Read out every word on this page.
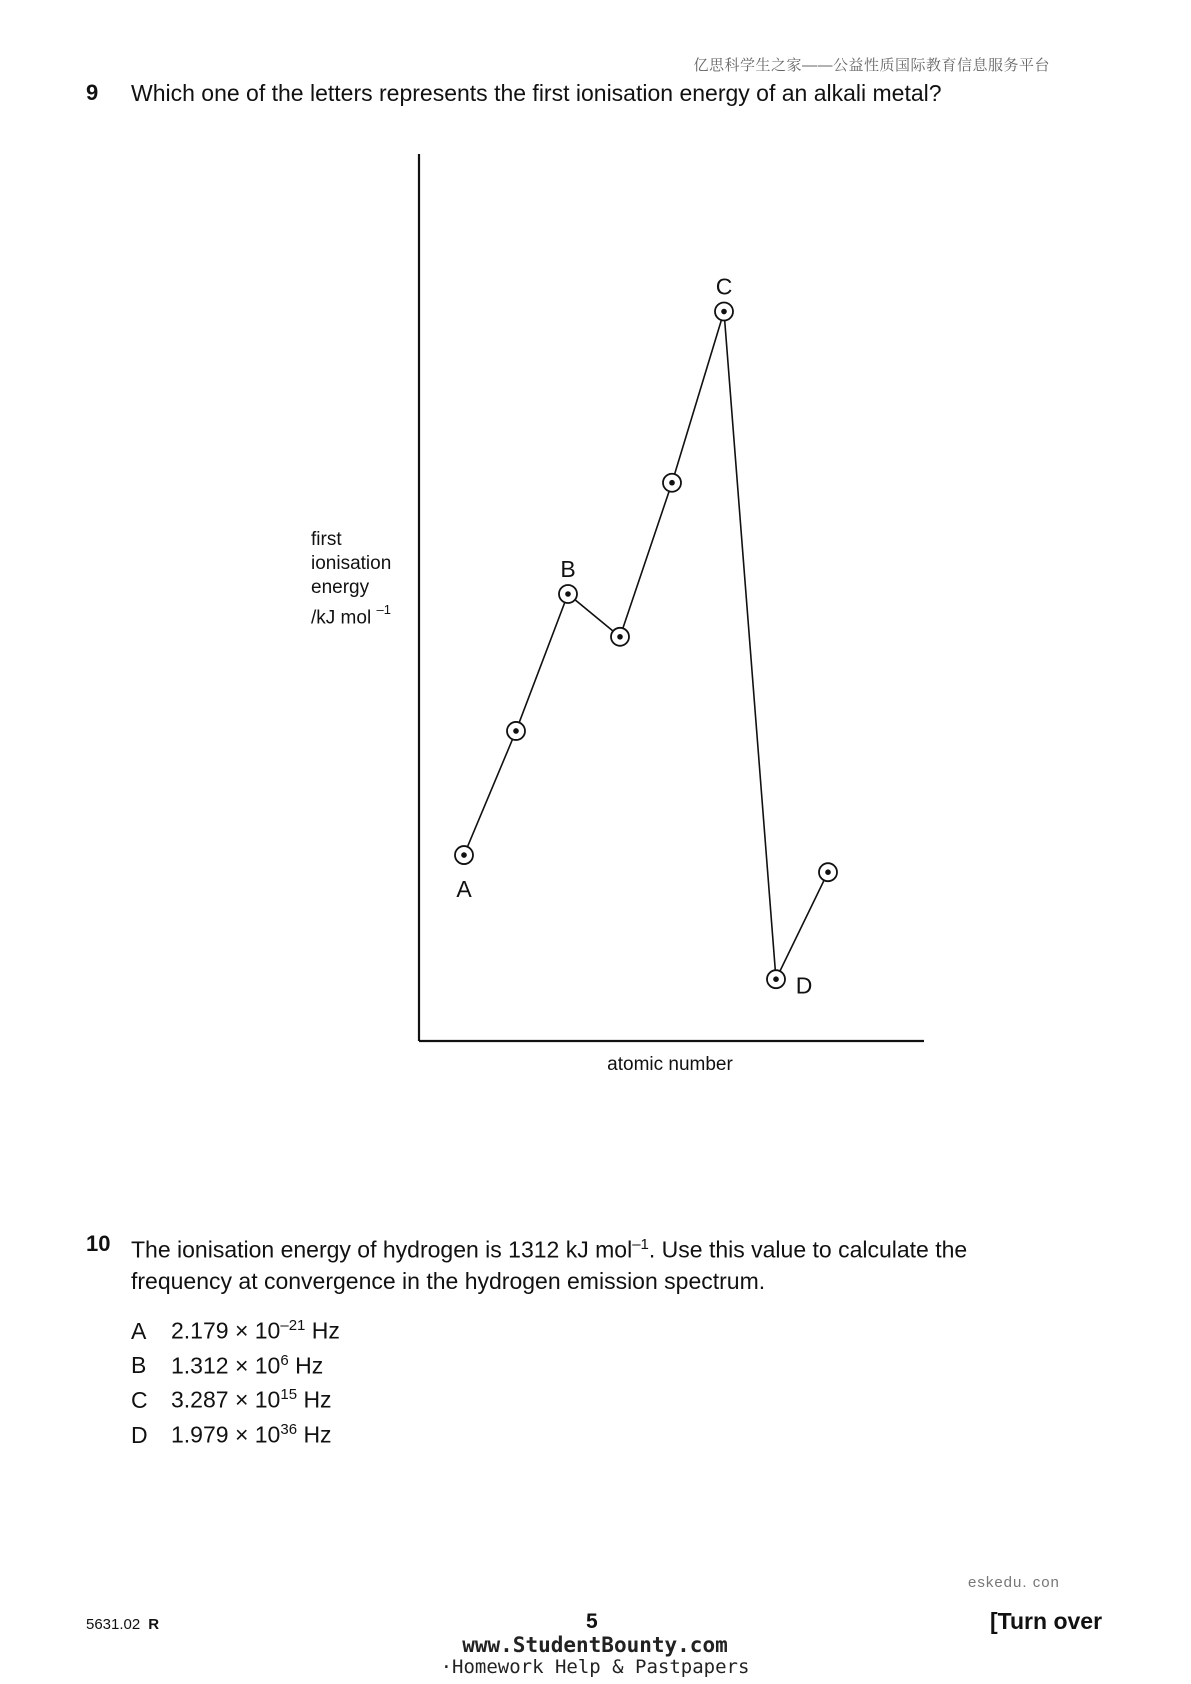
亿思科学生之家——公益性质国际教育信息服务平台
9 Which one of the letters represents the first ionisation energy of an alkali metal?
A
B
C
D
first
ionisation
energy
/kJ mol $^{-1}$
atomic number
10 The ionisation energy of hydrogen is 1312 kJ mol$^{-1}$. Use this value to calculate the
frequency at convergence in the hydrogen emission spectrum.
A $2.179 \times 10^{-21}$ Hz
B $1.312 \times 10^6$ Hz
C $3.287 \times 10^{15}$ Hz
D $1.979 \times 10^{36}$ Hz
eskedu. con
5631.02 R	5	[Turn over
www.StudentBounty.com
·Homework Help & Pastpapers
